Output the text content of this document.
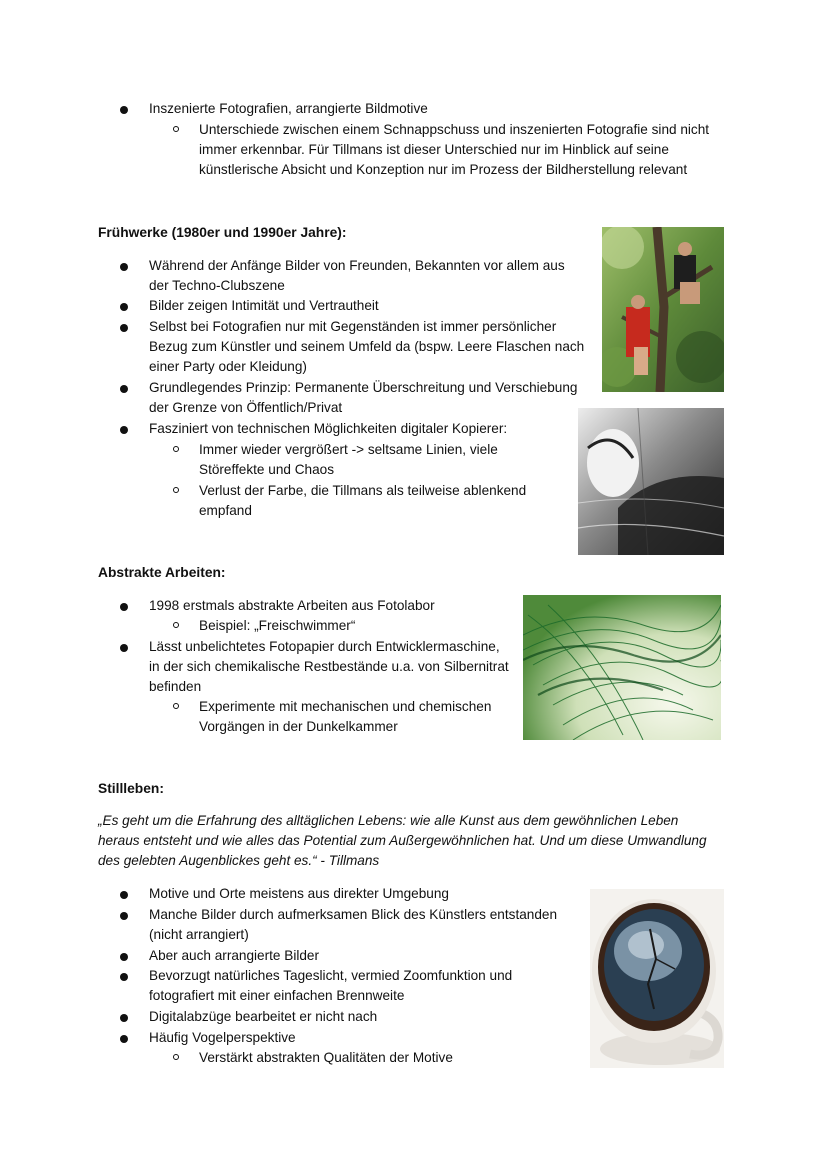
Inszenierte Fotografien, arrangierte Bildmotive
Unterschiede zwischen einem Schnappschuss und inszenierten Fotografie sind nicht
immer erkennbar. Für Tillmans ist dieser Unterschied nur im Hinblick auf seine
künstlerische Absicht und Konzeption nur im Prozess der Bildherstellung relevant
Frühwerke (1980er und 1990er Jahre):
Während der Anfänge Bilder von Freunden, Bekannten vor allem aus
der Techno-Clubszene
Bilder zeigen Intimität und Vertrautheit
Selbst bei Fotografien nur mit Gegenständen ist immer persönlicher
Bezug zum Künstler und seinem Umfeld da (bspw. Leere Flaschen nach
einer Party oder Kleidung)
Grundlegendes Prinzip: Permanente Überschreitung und Verschiebung
der Grenze von Öffentlich/Privat
Fasziniert von technischen Möglichkeiten digitaler Kopierer:
Immer wieder vergrößert -> seltsame Linien, viele
Störeffekte und Chaos
Verlust der Farbe, die Tillmans als teilweise ablenkend
empfand
Abstrakte Arbeiten:
1998 erstmals abstrakte Arbeiten aus Fotolabor
Beispiel: „Freischwimmer“
Lässt unbelichtetes Fotopapier durch Entwicklermaschine,
in der sich chemikalische Restbestände u.a. von Silbernitrat
befinden
Experimente mit mechanischen und chemischen
Vorgängen in der Dunkelkammer
Stillleben:
„Es geht um die Erfahrung des alltäglichen Lebens: wie alle Kunst aus dem gewöhnlichen Leben
heraus entsteht und wie alles das Potential zum Außergewöhnlichen hat. Und um diese Umwandlung
des gelebten Augenblickes geht es.“ - Tillmans
Motive und Orte meistens aus direkter Umgebung
Manche Bilder durch aufmerksamen Blick des Künstlers entstanden
(nicht arrangiert)
Aber auch arrangierte Bilder
Bevorzugt natürliches Tageslicht, vermied Zoomfunktion und
fotografiert mit einer einfachen Brennweite
Digitalabzüge bearbeitet er nicht nach
Häufig Vogelperspektive
Verstärkt abstrakten Qualitäten der Motive
